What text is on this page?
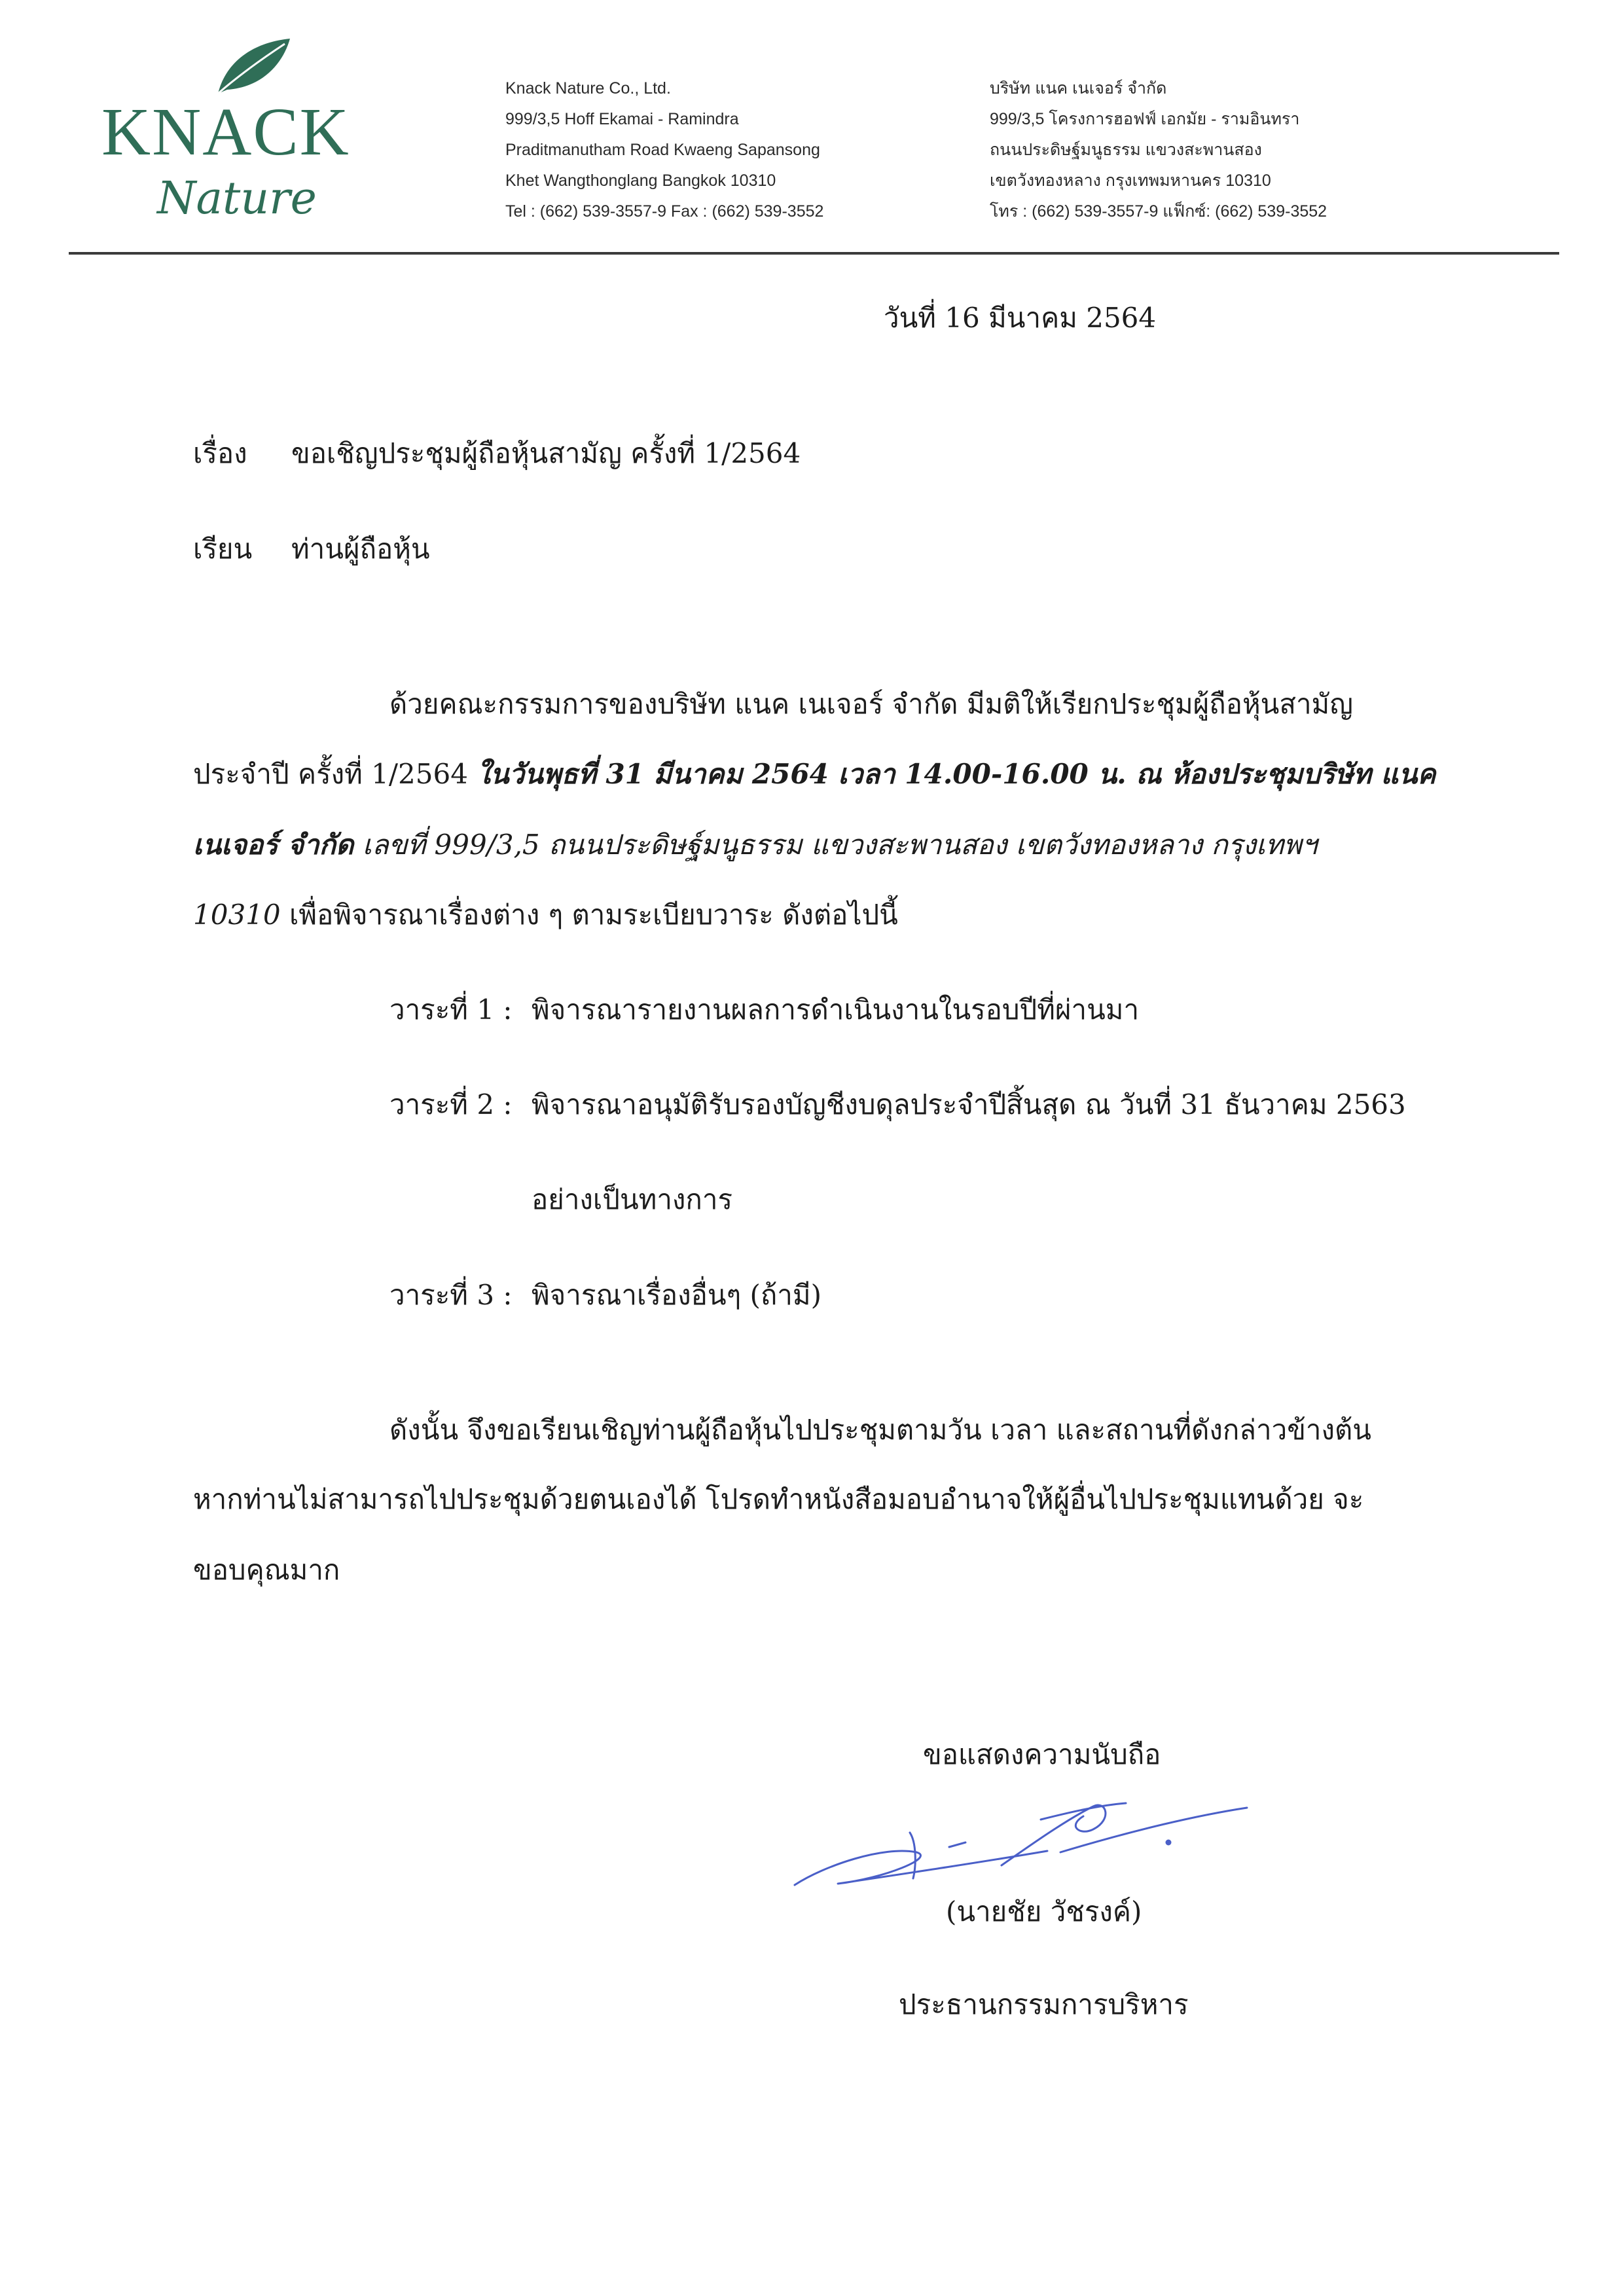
KNACK
Nature
Knack Nature Co., Ltd.
999/3,5 Hoff Ekamai - Ramindra
Praditmanutham Road Kwaeng Sapansong
Khet Wangthonglang Bangkok 10310
Tel : (662) 539-3557-9 Fax : (662) 539-3552
บริษัท แนค เนเจอร์ จำกัด
999/3,5 โครงการฮอฟฟ์ เอกมัย - รามอินทรา
ถนนประดิษฐ์มนูธรรม แขวงสะพานสอง
เขตวังทองหลาง กรุงเทพมหานคร 10310
โทร : (662) 539-3557-9 แฟ็กซ์: (662) 539-3552
วันที่ 16 มีนาคม 2564
เรื่อง ขอเชิญประชุมผู้ถือหุ้นสามัญ ครั้งที่ 1/2564
เรียน ท่านผู้ถือหุ้น
ด้วยคณะกรรมการของบริษัท แนค เนเจอร์ จำกัด มีมติให้เรียกประชุมผู้ถือหุ้นสามัญ
ประจำปี ครั้งที่ 1/2564 ในวันพุธที่ 31 มีนาคม 2564 เวลา 14.00-16.00 น. ณ ห้องประชุมบริษัท แนค
เนเจอร์ จำกัด เลขที่ 999/3,5 ถนนประดิษฐ์มนูธรรม แขวงสะพานสอง เขตวังทองหลาง กรุงเทพฯ
10310 เพื่อพิจารณาเรื่องต่าง ๆ ตามระเบียบวาระ ดังต่อไปนี้
วาระที่ 1 : พิจารณารายงานผลการดำเนินงานในรอบปีที่ผ่านมา
วาระที่ 2 : พิจารณาอนุมัติรับรองบัญชีงบดุลประจำปีสิ้นสุด ณ วันที่ 31 ธันวาคม 2563
อย่างเป็นทางการ
วาระที่ 3 : พิจารณาเรื่องอื่นๆ (ถ้ามี)
ดังนั้น จึงขอเรียนเชิญท่านผู้ถือหุ้นไปประชุมตามวัน เวลา และสถานที่ดังกล่าวข้างต้น
หากท่านไม่สามารถไปประชุมด้วยตนเองได้ โปรดทำหนังสือมอบอำนาจให้ผู้อื่นไปประชุมแทนด้วย จะ
ขอบคุณมาก
ขอแสดงความนับถือ
(นายชัย วัชรงค์)
ประธานกรรมการบริหาร
